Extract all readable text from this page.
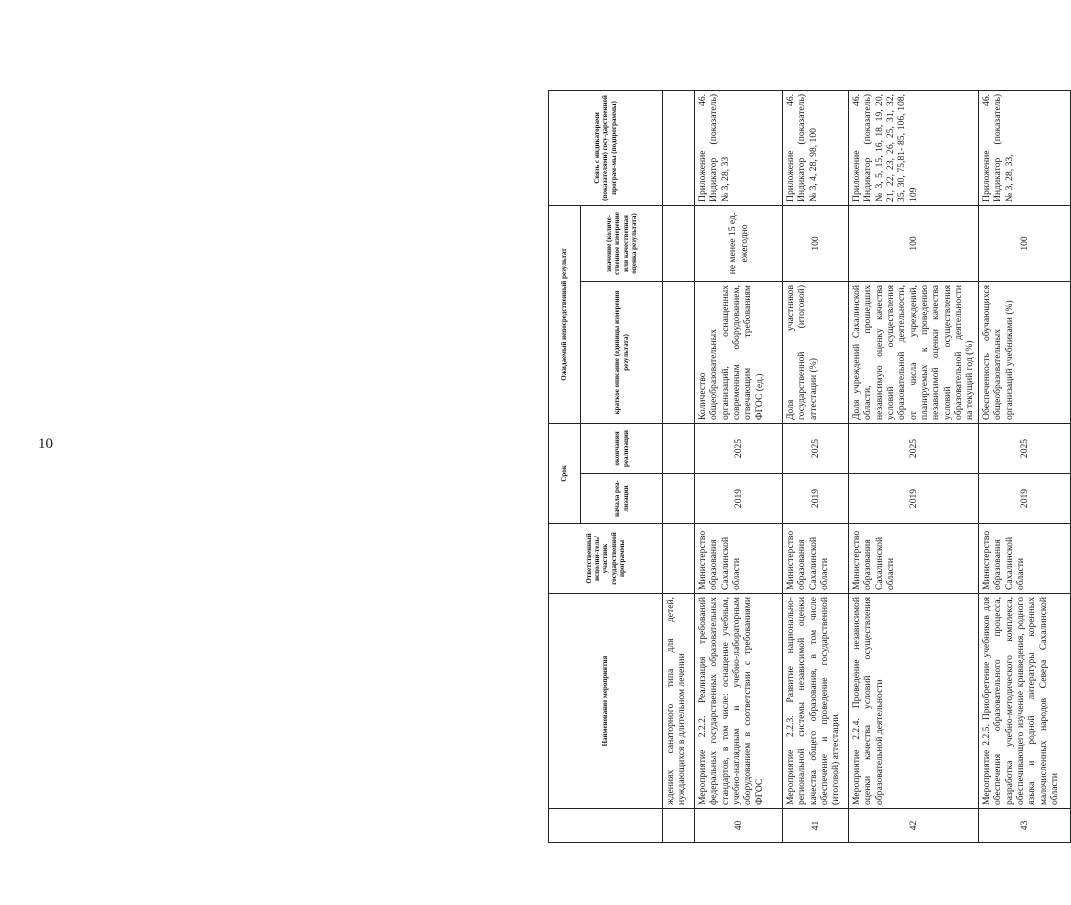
10
	Наименование мероприятия	Ответственный исполни-тель/участник государственной программы	Срок		Ожидаемый непосредственный результат		Связь с индикаторами (показателями) госу-дарственной програм-мы (подпрограммы)
			начала реа-лизации	окончания реализации	краткое описание (единицы измерения результата)	значение (количе-ственное измерение или качественная оценка результата)	
	ждениях санаторного типа для детей, нуждающихся в длительном лечении						
40	Мероприятие 2.2.2. Реализация требований федеральных государственных образовательных стандартов, в том числе: оснащение учебным, учебно-наглядным и учебно-лабораторным оборудованием в соответствии с требованиями ФГОС	Министерство образования Сахалинской области	2019	2025	Количество общеобразовательных организаций, оснащенных современным оборудованием, отвечающим требованиям ФГОС (ед.)	не менее 15 ед. ежегодно	Приложение 46. Индикатор (показатель) № 3, 28, 33
41	Мероприятие 2.2.3. Развитие национально-региональной системы независимой оценки качества общего образования, в том числе обеспечение и проведение государственной (итоговой) аттестации	Министерство образования Сахалинской области	2019	2025	Доля участников государственной (итоговой) аттестации (%)	100	Приложение 46. Индикатор (показатель) № 3, 4, 28, 98, 100
42	Мероприятие 2.2.4. Проведение независимой оценки качества условий осуществления образовательной деятельности	Министерство образования Сахалинской области	2019	2025	Доля учреждений Сахалинской области, прошедших независимую оценку качества условий осуществления образовательной деятельности, от числа учреждений, планируемых к проведению независимой оценки качества условий осуществления образовательной деятельности на текущий год (%)	100	Приложение 46. Индикатор (показатель) № 3, 5, 15, 16, 18, 19, 20, 21, 22, 23, 26, 25, 31, 32, 35, 30, 75,81- 85, 106, 108, 109
43	Мероприятие 2.2.5. Приобретение учебников для обеспечения образовательного процесса, разработка учебно-методического комплекса, обеспечивающего изучение кривведения, родного языка и родной литературы коренных малочисленных народов Севера Сахалинской области	Министерство образования Сахалинской области	2019	2025	Обеспеченность обучающихся общеобразовательных организаций учебниками (%)	100	Приложение 46. Индикатор (показатель) № 3, 28, 33,
